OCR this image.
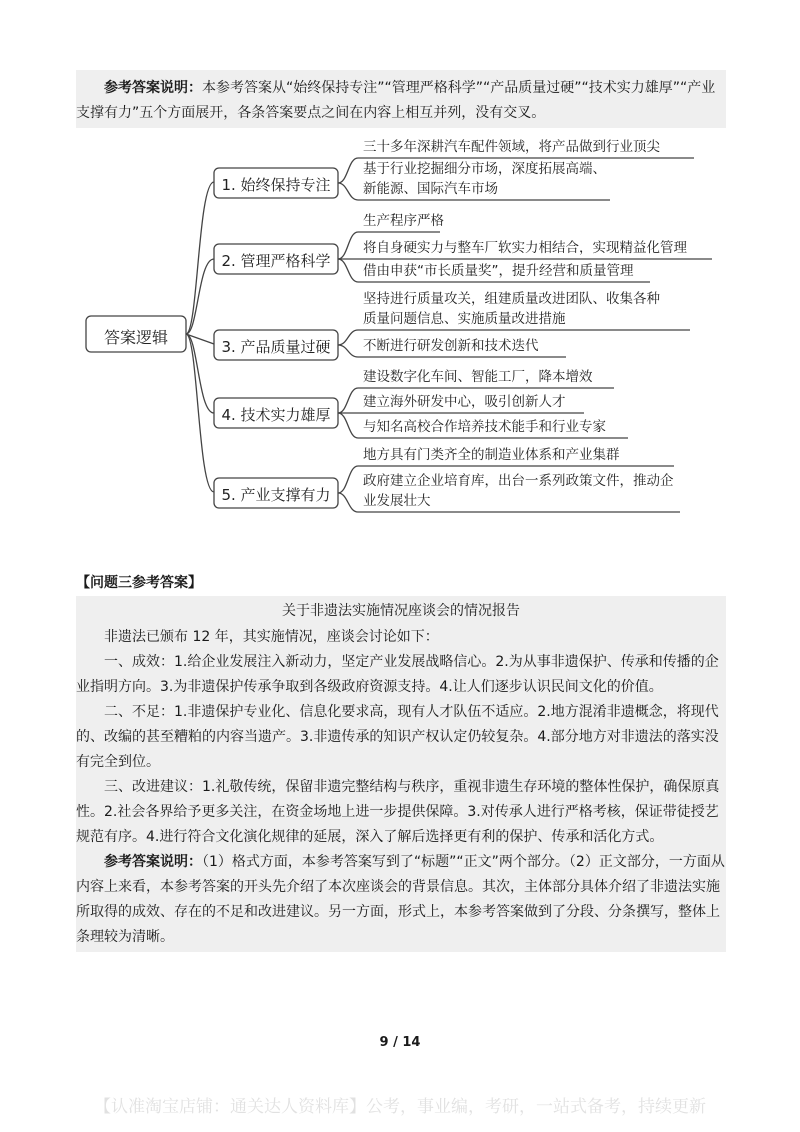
参考答案说明：本参考答案从“始终保持专注”“管理严格科学”“产品质量过硬”“技术实力雄厚”“产业支撑有力”五个方面展开，各条答案要点之间在内容上相互并列，没有交叉。

答案逻辑
1. 始终保持专注
2. 管理严格科学
3. 产品质量过硬
4. 技术实力雄厚
5. 产业支撑有力
三十多年深耕汽车配件领域，将产品做到行业顶尖
基于行业挖掘细分市场，深度拓展高端、新能源、国际汽车市场
生产程序严格
将自身硬实力与整车厂软实力相结合，实现精益化管理
借由申获“市长质量奖”，提升经营和质量管理
坚持进行质量攻关，组建质量改进团队、收集各种质量问题信息、实施质量改进措施
不断进行研发创新和技术迭代
建设数字化车间、智能工厂，降本增效
建立海外研发中心，吸引创新人才
与知名高校合作培养技术能手和行业专家
地方具有门类齐全的制造业体系和产业集群
政府建立企业培育库，出台一系列政策文件，推动企业发展壮大
【问题三参考答案】
关于非遗法实施情况座谈会的情况报告

非遗法已颁布 12 年，其实施情况，座谈会讨论如下：

一、成效：1.给企业发展注入新动力，坚定产业发展战略信心。2.为从事非遗保护、传承和传播的企业指明方向。3.为非遗保护传承争取到各级政府资源支持。4.让人们逐步认识民间文化的价值。

二、不足：1.非遗保护专业化、信息化要求高，现有人才队伍不适应。2.地方混淆非遗概念，将现代的、改编的甚至糟粕的内容当遗产。3.非遗传承的知识产权认定仍较复杂。4.部分地方对非遗法的落实没有完全到位。

三、改进建议：1.礼敬传统，保留非遗完整结构与秩序，重视非遗生存环境的整体性保护，确保原真性。2.社会各界给予更多关注，在资金场地上进一步提供保障。3.对传承人进行严格考核，保证带徒授艺规范有序。4.进行符合文化演化规律的延展，深入了解后选择更有利的保护、传承和活化方式。

参考答案说明：（1）格式方面，本参考答案写到了“标题”“正文”两个部分。（2）正文部分，一方面从内容上来看，本参考答案的开头先介绍了本次座谈会的背景信息。其次，主体部分具体介绍了非遗法实施所取得的成效、存在的不足和改进建议。另一方面，形式上，本参考答案做到了分段、分条撰写，整体上条理较为清晰。

9 / 14
【认准淘宝店铺：通关达人资料库】公考，事业编，考研，一站式备考，持续更新
